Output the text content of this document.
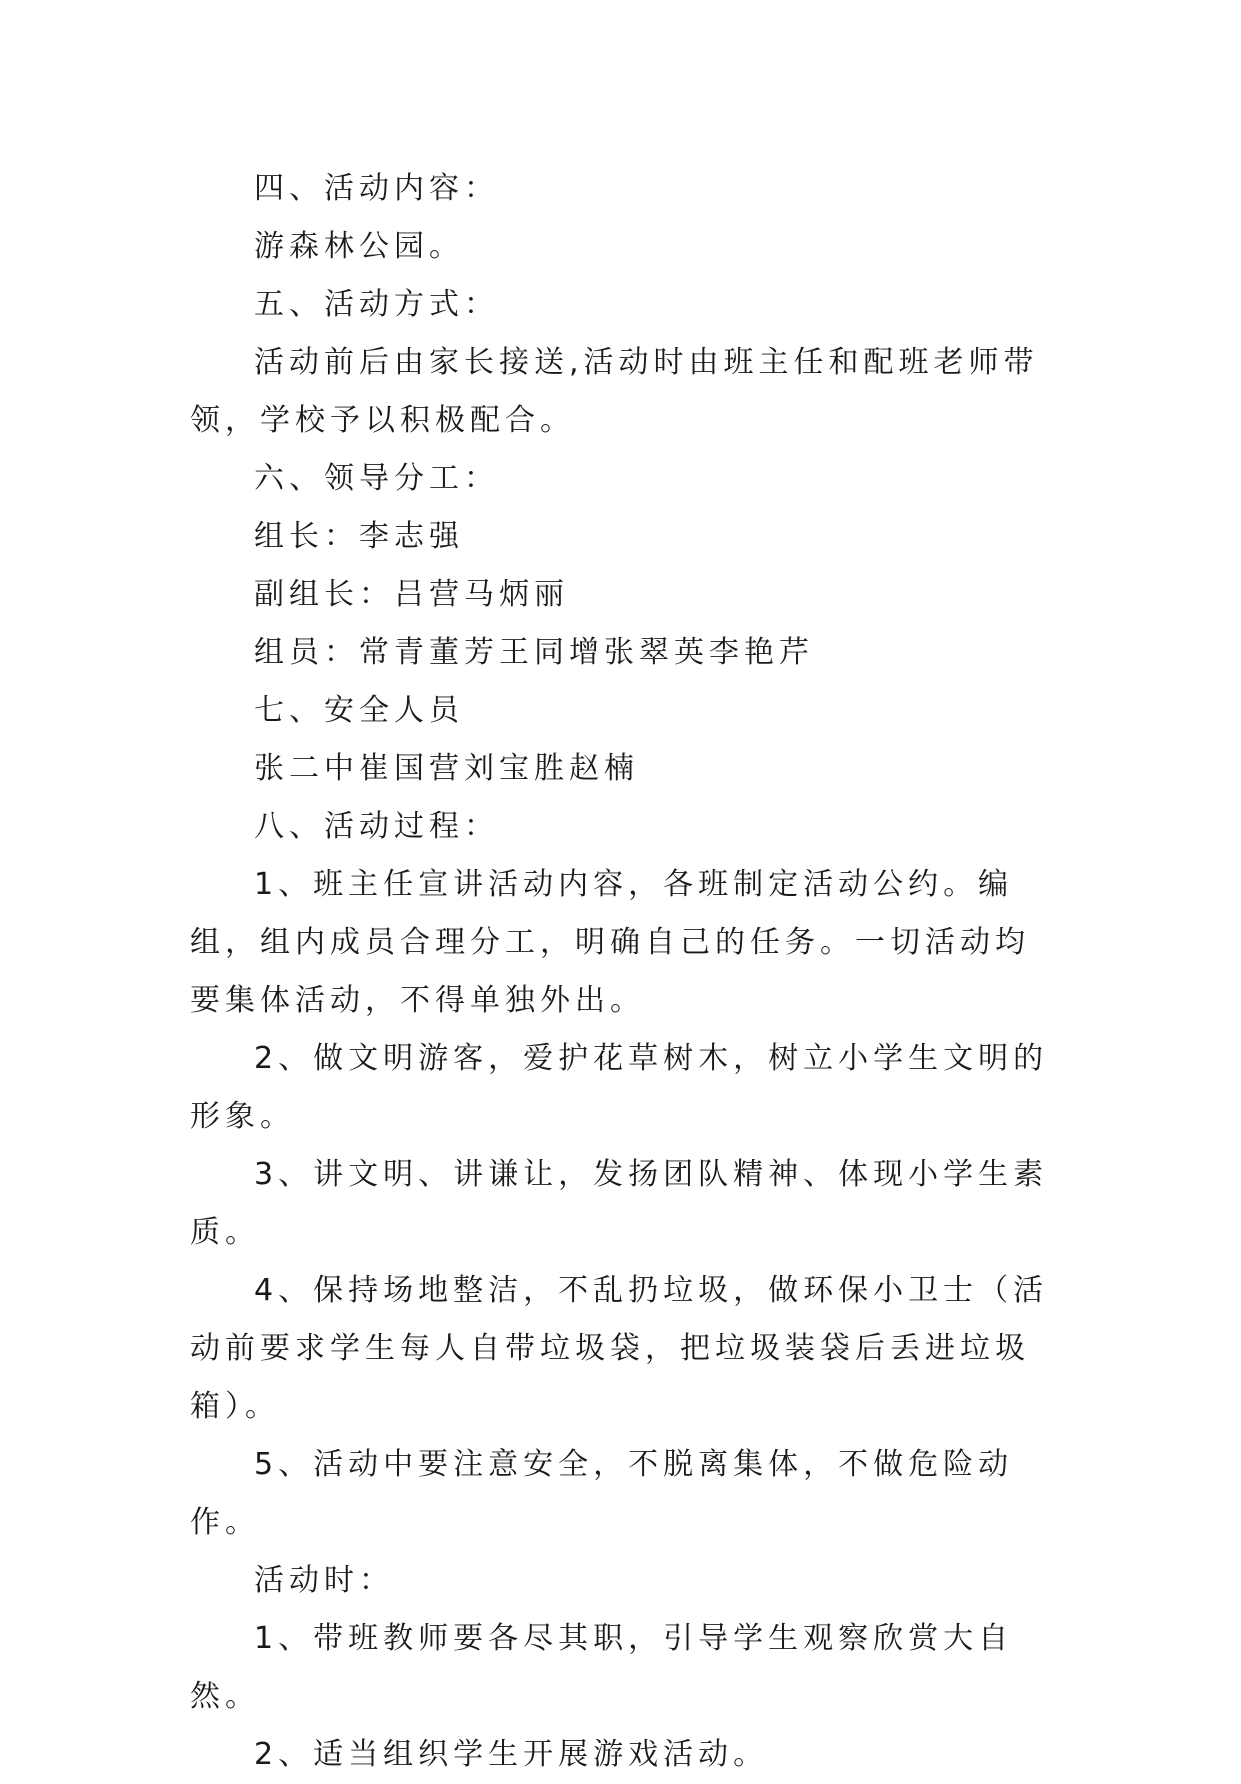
四、活动内容：

游森林公园。

五、活动方式：

活动前后由家长接送,活动时由班主任和配班老师带领，学校予以积极配合。

六、领导分工：

组长：李志强

副组长：吕营马炳丽

组员：常青董芳王同增张翠英李艳芹

七、安全人员

张二中崔国营刘宝胜赵楠

八、活动过程：

1、班主任宣讲活动内容，各班制定活动公约。编组，组内成员合理分工，明确自己的任务。一切活动均要集体活动，不得单独外出。

2、做文明游客，爱护花草树木，树立小学生文明的形象。

3、讲文明、讲谦让，发扬团队精神、体现小学生素质。

4、保持场地整洁，不乱扔垃圾，做环保小卫士（活动前要求学生每人自带垃圾袋，把垃圾装袋后丢进垃圾箱）。

5、活动中要注意安全，不脱离集体，不做危险动作。

活动时：

1、带班教师要各尽其职，引导学生观察欣赏大自然。

2、适当组织学生开展游戏活动。
